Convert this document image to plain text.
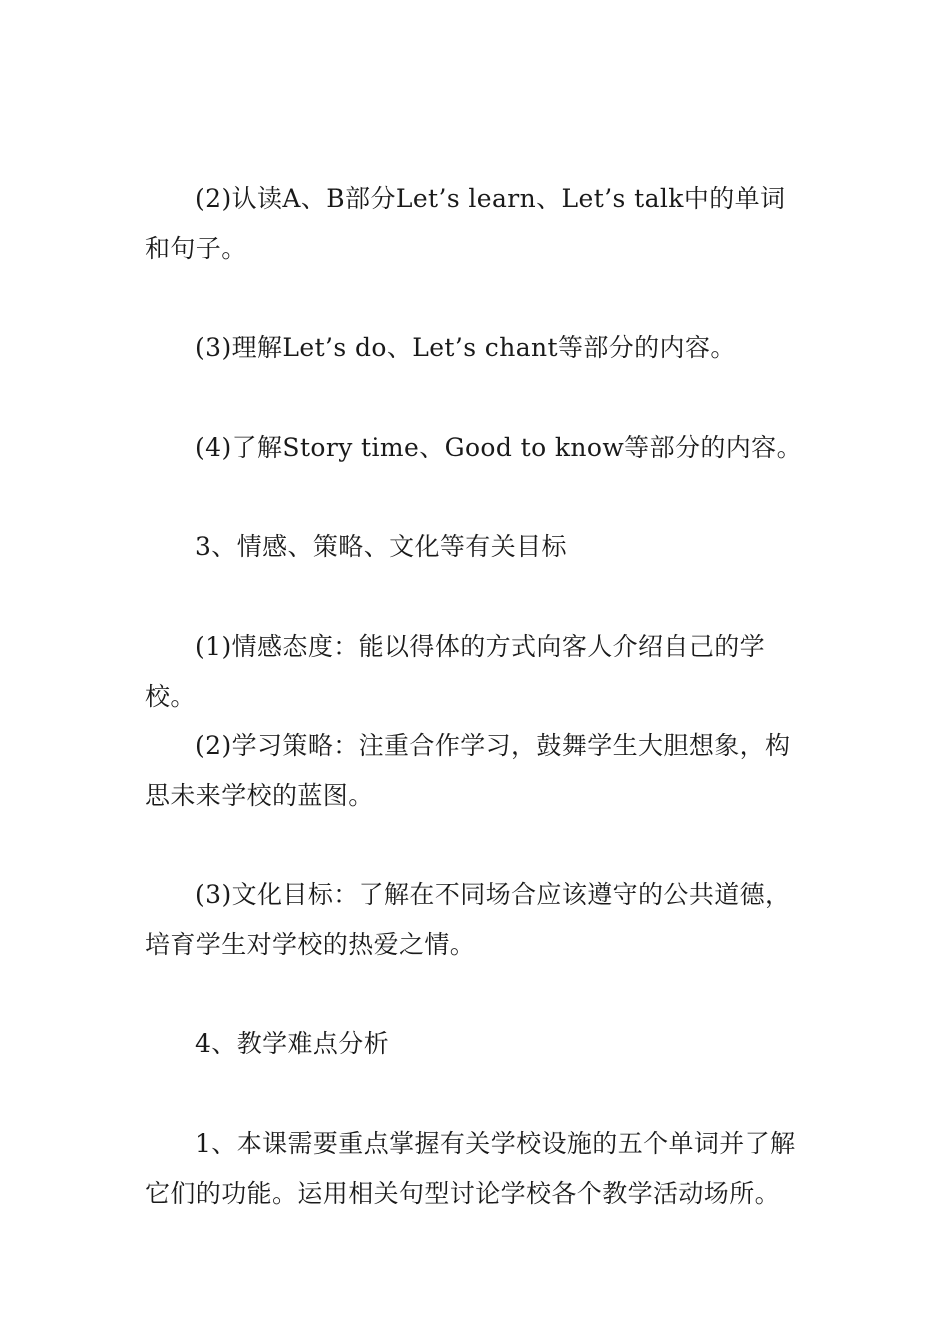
(2)认读A、B部分Let’s learn、Let’s talk中的单词和句子。

(3)理解Let’s do、Let’s chant等部分的内容。

(4)了解Story time、Good to know等部分的内容。

3、情感、策略、文化等有关目标

(1)情感态度：能以得体的方式向客人介绍自己的学校。

(2)学习策略：注重合作学习，鼓舞学生大胆想象，构思未来学校的蓝图。

(3)文化目标：了解在不同场合应该遵守的公共道德，培育学生对学校的热爱之情。

4、教学难点分析

1、本课需要重点掌握有关学校设施的五个单词并了解它们的功能。运用相关句型讨论学校各个教学活动场所。
